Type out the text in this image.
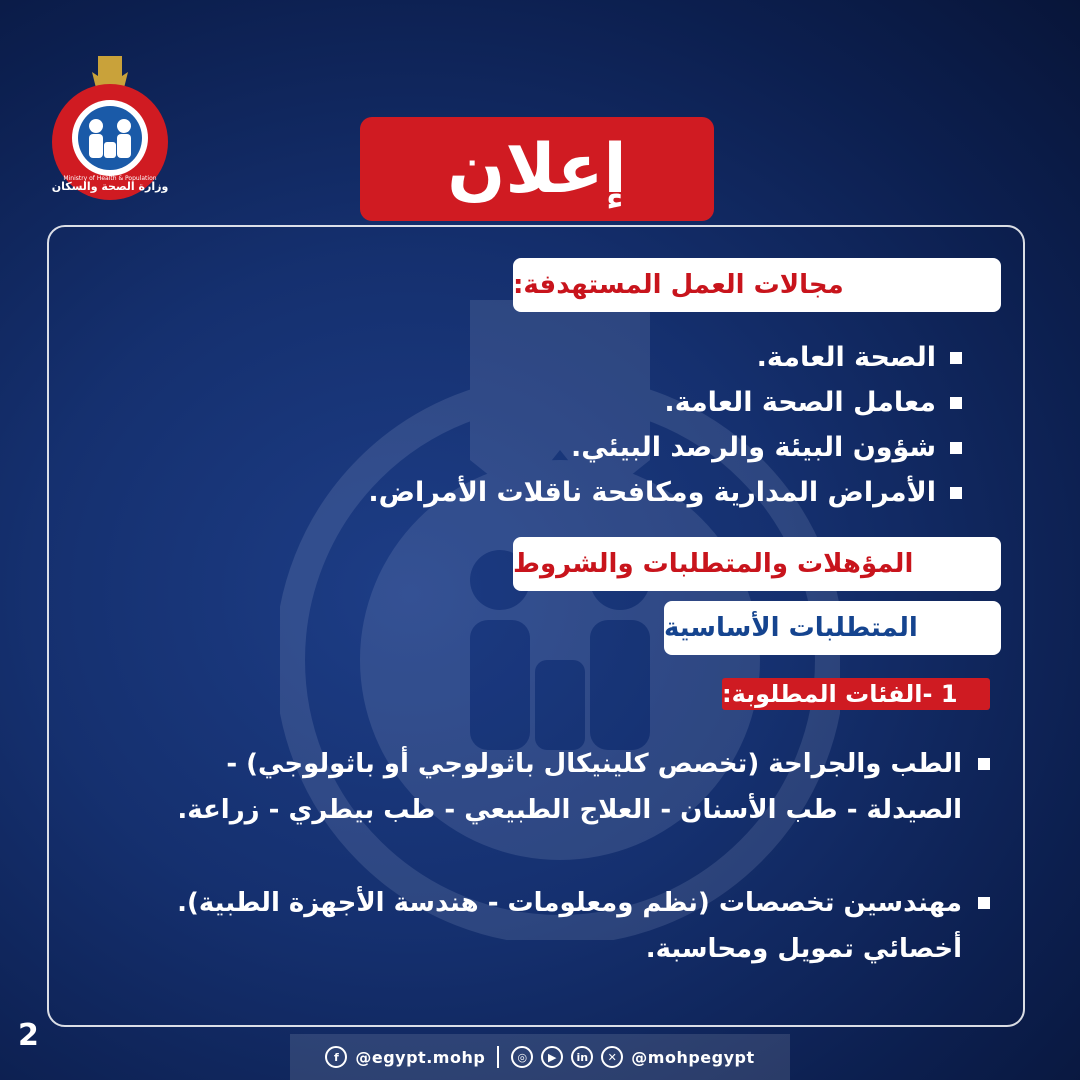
وزارة الصحة والسكان
Ministry of Health & Population	إعلان
مجالات العمل المستهدفة:
الصحة العامة.
معامل الصحة العامة.
شؤون البيئة والرصد البيئي.
الأمراض المدارية ومكافحة ناقلات الأمراض.
المؤهلات والمتطلبات والشروط
المتطلبات الأساسية
1 -الفئات المطلوبة:
الطب والجراحة (تخصص كلينيكال باثولوجي أو باثولوجي) -
الصيدلة - طب الأسنان - العلاج الطبيعي - طب بيطري - زراعة.
مهندسين تخصصات (نظم ومعلومات - هندسة الأجهزة الطبية).
أخصائي تمويل ومحاسبة.
2
f	@egypt.mohp	◎	▶	in	✕ @mohpegypt
